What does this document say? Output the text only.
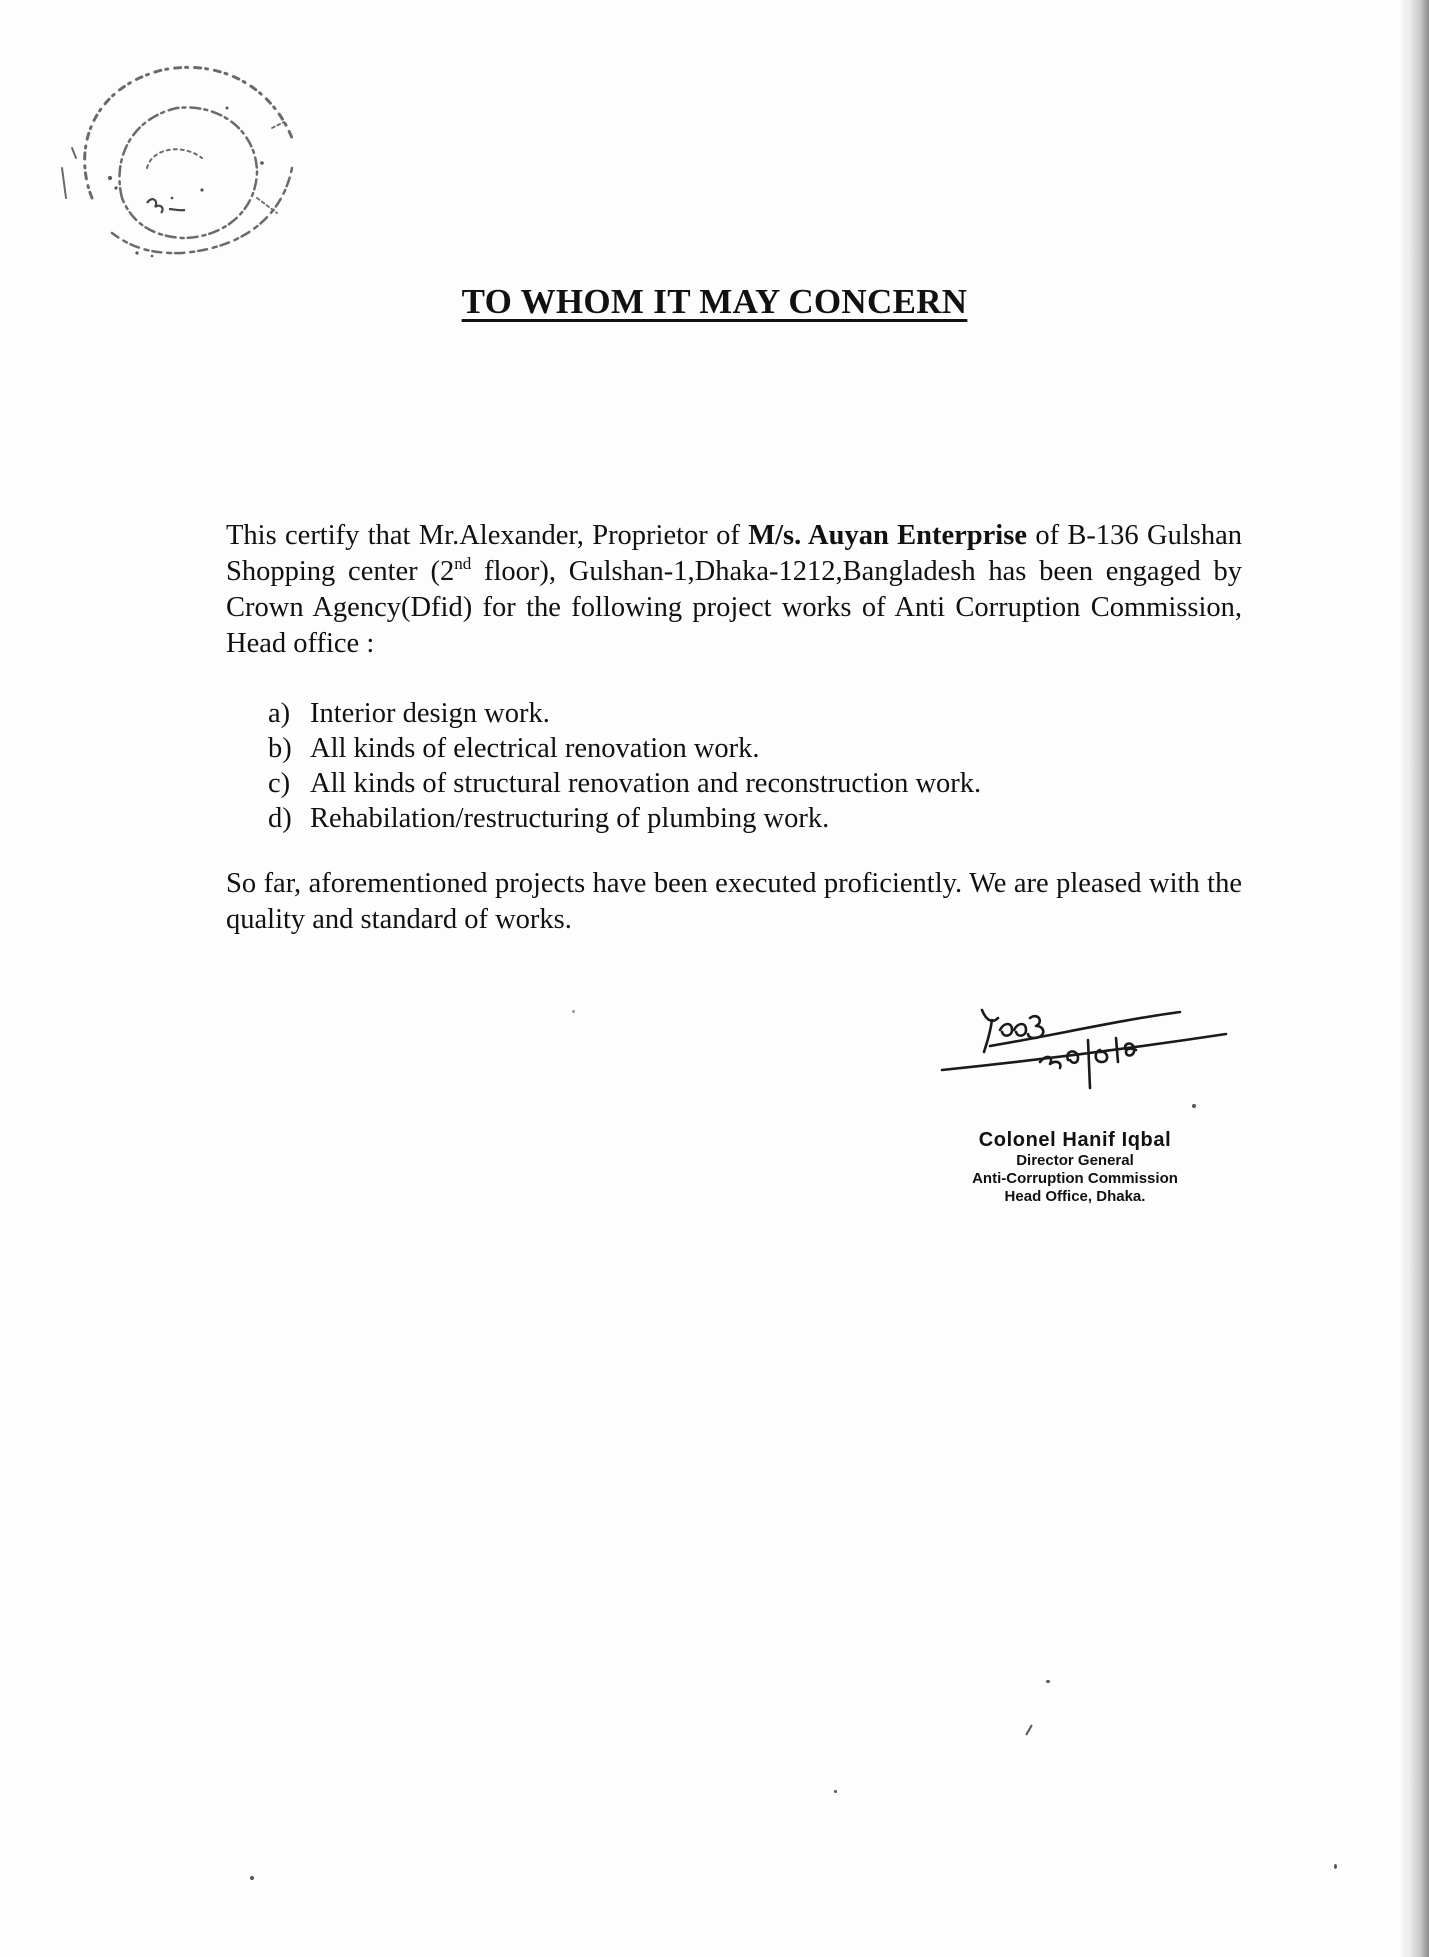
TO WHOM IT MAY CONCERN
This certify that Mr.Alexander, Proprietor of M/s. Auyan Enterprise of B-136 Gulshan Shopping center (2nd floor), Gulshan-1,Dhaka-1212,Bangladesh has been engaged by Crown Agency(Dfid) for the following project works of Anti Corruption Commission, Head office :
a) Interior design work.
b) All kinds of electrical renovation work.
c) All kinds of structural renovation and reconstruction work.
d) Rehabilation/restructuring of plumbing work.
So far, aforementioned projects have been executed proficiently. We are pleased with the quality and standard of works.
Colonel Hanif Iqbal
Director General
Anti-Corruption Commission
Head Office, Dhaka.
